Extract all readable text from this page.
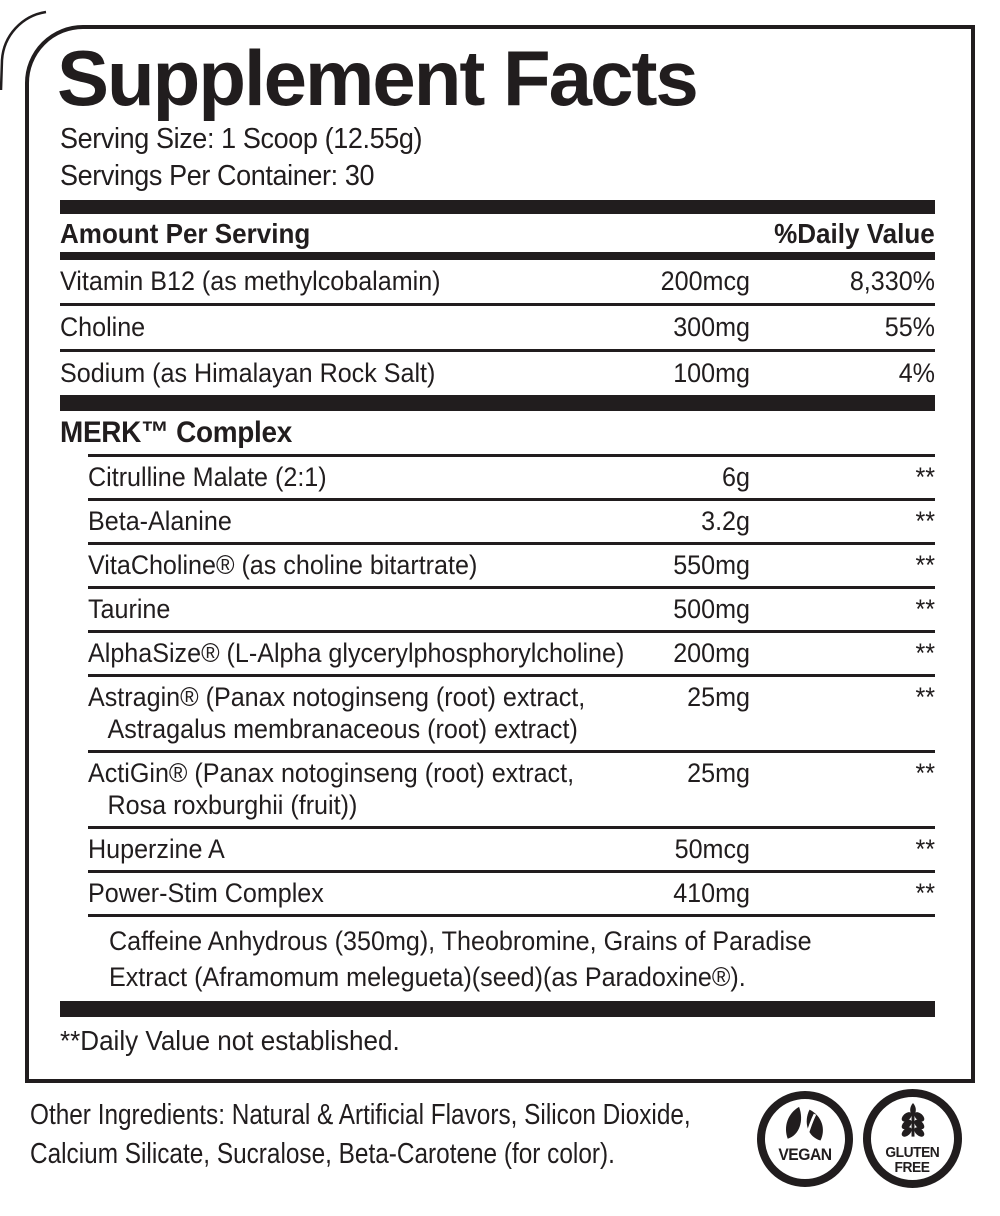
Supplement Facts
Serving Size: 1 Scoop (12.55g)
Servings Per Container: 30
Amount Per Serving	%Daily Value
Vitamin B12 (as methylcobalamin)	200mcg	8,330%
Choline	300mg	55%
Sodium (as Himalayan Rock Salt)	100mg	4%
MERK™ Complex
Citrulline Malate (2:1)	6g	**
Beta-Alanine	3.2g	**
VitaCholine® (as choline bitartrate)	550mg	**
Taurine	500mg	**
AlphaSize® (L-Alpha glycerylphosphorylcholine)	200mg	**
Astragin® (Panax notoginseng (root) extract,
Astragalus membranaceous (root) extract)
25mg	**
ActiGin® (Panax notoginseng (root) extract,
Rosa roxburghii (fruit))
25mg	**
Huperzine A	50mcg	**
Power-Stim Complex	410mg	**
Caffeine Anhydrous (350mg), Theobromine, Grains of Paradise
Extract (Aframomum melegueta)(seed)(as Paradoxine®).
**Daily Value not established.
Other Ingredients: Natural & Artificial Flavors, Silicon Dioxide,
Calcium Silicate, Sucralose, Beta-Carotene (for color).	VEGAN	GLUTEN
FREE
